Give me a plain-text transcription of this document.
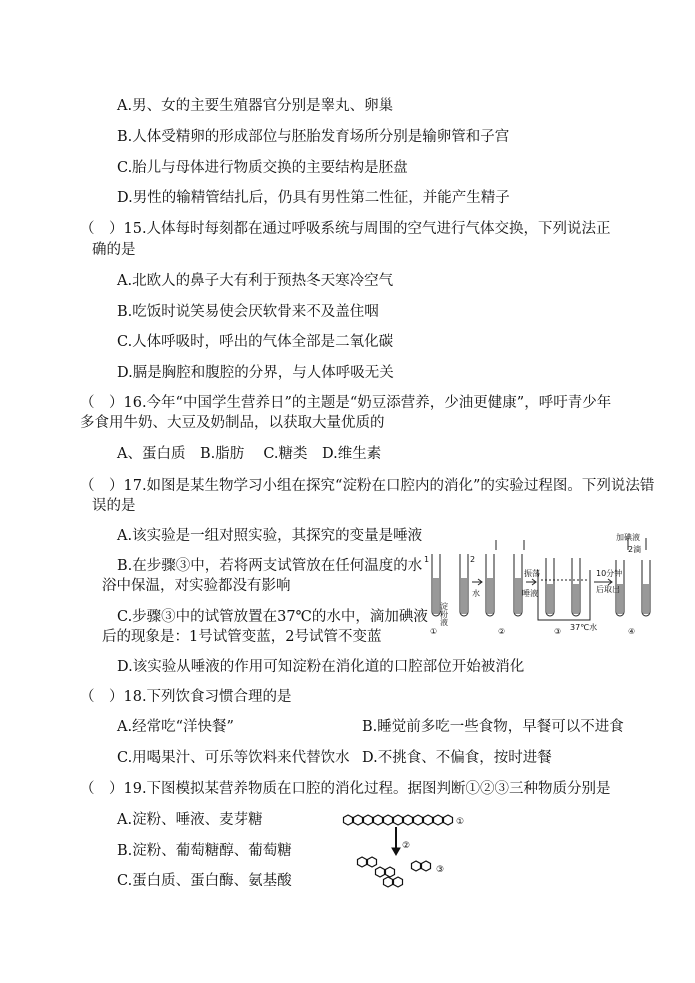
A.男、女的主要生殖器官分别是睾丸、卵巢
B.人体受精卵的形成部位与胚胎发育场所分别是输卵管和子宫
C.胎儿与母体进行物质交换的主要结构是胚盘
D.男性的输精管结扎后，仍具有男性第二性征，并能产生精子
（　）15.人体每时每刻都在通过呼吸系统与周围的空气进行气体交换，下列说法正
确的是
A.北欧人的鼻子大有利于预热冬天寒冷空气
B.吃饭时说笑易使会厌软骨来不及盖住咽
C.人体呼吸时，呼出的气体全部是二氧化碳
D.膈是胸腔和腹腔的分界，与人体呼吸无关
（　）16.今年“中国学生营养日”的主题是“奶豆添营养，少油更健康”，呼吁青少年
多食用牛奶、大豆及奶制品，以获取大量优质的
A、蛋白质　B.脂肪　 C.糖类　D.维生素
（　）17.如图是某生物学习小组在探究“淀粉在口腔内的消化”的实验过程图。下列说法错
误的是
A.该实验是一组对照实验，其探究的变量是唾液
B.在步骤③中，若将两支试管放在任何温度的水
浴中保温，对实验都没有影响
C.步骤③中的试管放置在37℃的水中，滴加碘液
后的现象是：1号试管变蓝，2号试管不变蓝
D.该实验从唾液的作用可知淀粉在消化道的口腔部位开始被消化
1	2
淀粉液
水	唾液
振荡	10分钟
后取出
37℃水
加碘液
2滴
①	②	③	④
（　）18.下列饮食习惯合理的是
A.经常吃“洋快餐”	B.睡觉前多吃一些食物，早餐可以不进食
C.用喝果汁、可乐等饮料来代替饮水 D.不挑食、不偏食，按时进餐
（　）19.下图模拟某营养物质在口腔的消化过程。据图判断①②③三种物质分别是
A.淀粉、唾液、麦芽糖
B.淀粉、葡萄糖醇、葡萄糖
C.蛋白质、蛋白酶、氨基酸
①
②
③
